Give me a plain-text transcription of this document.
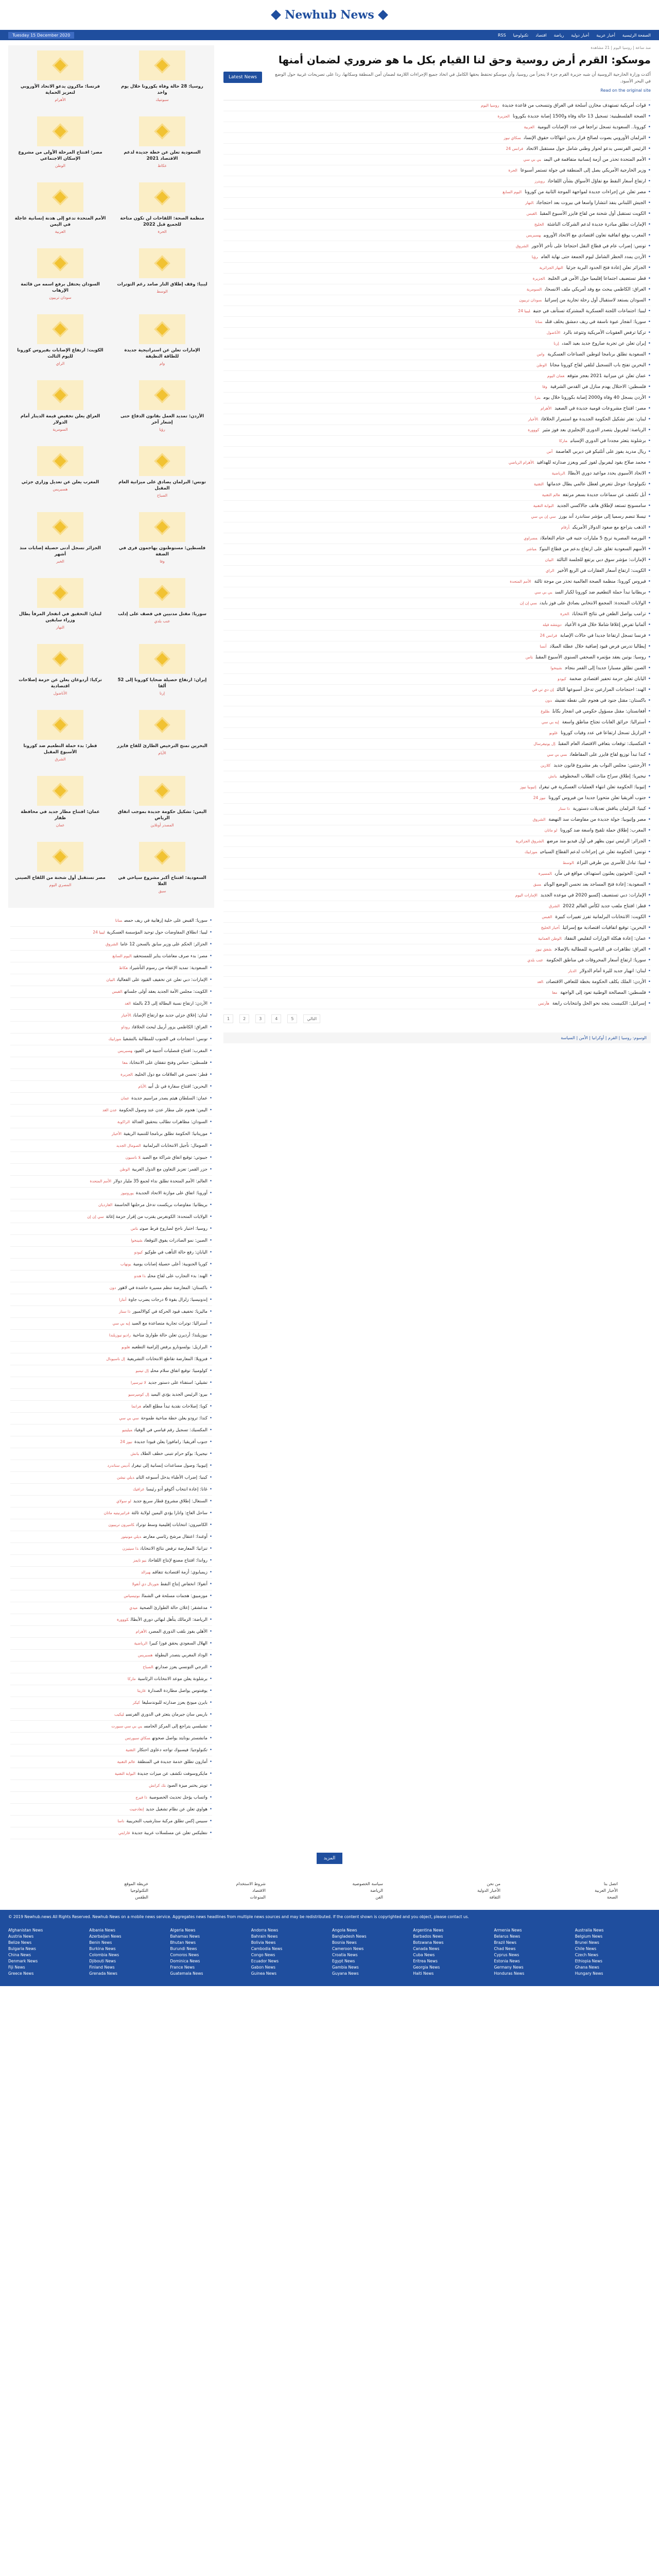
Newhub News
Tuesday 15 December 2020	الصفحة الرئيسية
أخبار عربية
أخبار دولية
رياضة
اقتصاد
تكنولوجيا
RSS
فرنسا: ماكرون يدعو الاتحاد الأوروبي لتعزيز الحماية
الأهرام
روسيا: 28 حالة وفاة بكورونا خلال يوم واحد
سبوتنيك
مصر: افتتاح المرحلة الأولى من مشروع الإسكان الاجتماعي
الوطن
السعودية تعلن عن خطة جديدة لدعم الاقتصاد 2021
عكاظ
الأمم المتحدة تدعو إلى هدنة إنسانية عاجلة في اليمن
العربية
منظمة الصحة: اللقاحات لن تكون متاحة للجميع قبل 2022
الحرة
السودان يحتفل برفع اسمه من قائمة الإرهاب
سودان تربيون
ليبيا: وقف إطلاق النار صامد رغم التوترات
الوسط
الكويت: ارتفاع الإصابات بفيروس كورونا لليوم الثالث
الراي
الإمارات تعلن عن استراتيجية جديدة للطاقة النظيفة
وام
العراق يعلن تخفيض قيمة الدينار أمام الدولار
السومرية
الأردن: تمديد العمل بقانون الدفاع حتى إشعار آخر
رؤيا
المغرب يعلن عن تعديل وزاري جزئي
هسبريس
تونس: البرلمان يصادق على ميزانية العام المقبل
الصباح
الجزائر تسجل أدنى حصيلة إصابات منذ أشهر
الخبر
فلسطين: مستوطنون يهاجمون قرى في الضفة
وفا
لبنان: التحقيق في انفجار المرفأ يطال وزراء سابقين
النهار
سوريا: مقتل مدنيين في قصف على إدلب
عنب بلدي
تركيا: أردوغان يعلن عن حزمة إصلاحات اقتصادية
الأناضول
إيران: ارتفاع حصيلة ضحايا كورونا إلى 52 ألفا
إرنا
قطر: بدء حملة التطعيم ضد كورونا الأسبوع المقبل
الشرق
البحرين تمنح الترخيص الطارئ للقاح فايزر
الأيام
عمان: افتتاح مطار جديد في محافظة ظفار
عمان
اليمن: تشكيل حكومة جديدة بموجب اتفاق الرياض
المصدر أونلاين
مصر تستقبل أول شحنة من اللقاح الصيني
المصري اليوم
السعودية: افتتاح أكبر مشروع سياحي في العلا
سبق
•سوريا: القبض على خلية إرهابية في ريف حمصسانا
•ليبيا: انطلاق المفاوضات حول توحيد المؤسسة العسكريةليبيا 24
•الجزائر: الحكم على وزير سابق بالسجن 12 عاماالشروق
•مصر: بدء صرف معاشات يناير للمستحقيناليوم السابع
•السعودية: تمديد الإعفاء من رسوم التأشيراتعكاظ
•الإمارات: دبي تعلن عن تخفيف القيود على الفعالياتالبيان
•الكويت: مجلس الأمة الجديد يعقد أولى جلساتهالقبس
•الأردن: ارتفاع نسبة البطالة إلى 23 بالمئةالغد
•لبنان: إغلاق جزئي جديد مع ارتفاع الإصاباتالأخبار
•العراق: الكاظمي يزور أربيل لبحث الخلافاتروداو
•تونس: احتجاجات في الجنوب للمطالبة بالتشغيلموزاييك
•المغرب: افتتاح قنصليات أجنبية في العيونهسبريس
•فلسطين: حماس وفتح تتفقان على الانتخاباتمعا
•قطر: تحسن في العلاقات مع دول الخليجالجزيرة
•البحرين: افتتاح سفارة في تل أبيبالأيام
•عمان: السلطان هيثم يصدر مراسيم جديدةعمان
•اليمن: هجوم على مطار عدن عند وصول الحكومةعدن الغد
•السودان: مظاهرات تطالب بتحقيق العدالةالراكوبة
•موريتانيا: الحكومة تطلق برنامجا للتنمية الريفيةالأخبار
•الصومال: تأجيل الانتخابات البرلمانيةالصومال الجديد
•جيبوتي: توقيع اتفاق شراكة مع الصينلا ناسيون
•جزر القمر: تعزيز التعاون مع الدول العربيةالوطن
•العالم: الأمم المتحدة تطلق نداء لجمع 35 مليار دولارالأمم المتحدة
•أوروبا: اتفاق على موازنة الاتحاد الجديدةيورونيوز
•بريطانيا: مفاوضات بريكست تدخل مرحلتها الحاسمةالغارديان
•الولايات المتحدة: الكونغرس يقترب من إقرار حزمة إغاثةسي إن إن
•روسيا: اختبار ناجح لصاروخ فرط صوتيتاس
•الصين: نمو الصادرات يفوق التوقعاتشينخوا
•اليابان: رفع حالة التأهب في طوكيوكيودو
•كوريا الجنوبية: أعلى حصيلة إصابات يوميةيونهاب
•الهند: بدء التجارب على لقاح محليذا هندو
•باكستان: المعارضة تنظم مسيرة حاشدة في لاهوردون
•إندونيسيا: زلزال بقوة 6 درجات يضرب جاوةأنتارا
•ماليزيا: تخفيف قيود الحركة في كوالالمبورذا ستار
•أستراليا: توترات تجارية متصاعدة مع الصينإيه بي سي
•نيوزيلندا: أرديرن تعلن حالة طوارئ مناخيةراديو نيوزيلندا
•البرازيل: بولسونارو يرفض إلزامية التطعيمغلوبو
•فنزويلا: المعارضة تقاطع الانتخابات التشريعيةإل ناسيونال
•كولومبيا: توقيع اتفاق سلام محليإل تيمبو
•تشيلي: استفتاء على دستور جديدلا تيرسيرا
•بيرو: الرئيس الجديد يؤدي اليمينإل كوميرسيو
•كوبا: إصلاحات نقدية تبدأ مطلع العامغرانما
•كندا: ترودو يعلن خطة مناخية طموحةسي بي سي
•المكسيك: تسجيل رقم قياسي في الوفياتميلينيو
•جنوب أفريقيا: رامافوزا يعلن قيودا جديدةنيوز 24
•نيجيريا: بوكو حرام تتبنى خطف الطلاببانش
•إثيوبيا: وصول مساعدات إنسانية إلى تيغرايأديس ستاندرد
•كينيا: إضراب الأطباء يدخل أسبوعه الثانيديلي نيشن
•غانا: إعادة انتخاب أكوفو أدو رئيساغرافيك
•السنغال: إطلاق مشروع قطار سريع جديدلو سولاي
•ساحل العاج: واتارا يؤدي اليمين لولاية ثالثةفراتيرنيتيه ماتان
•الكاميرون: انتخابات إقليمية وسط توتراتكاميرون تريبيون
•أوغندا: اعتقال مرشح رئاسي معارضديلي مونيتور
•تنزانيا: المعارضة ترفض نتائج الانتخاباتذا سيتيزن
•رواندا: افتتاح مصنع لإنتاج اللقاحاتنيو تايمز
•زيمبابوي: أزمة اقتصادية تتفاقمهيرالد
•أنغولا: انخفاض إنتاج النفطجورنال دي أنغولا
•موزمبيق: هجمات مسلحة في الشمالنوتيسياس
•مدغشقر: إعلان حالة الطوارئ الصحيةميدي
•الرياضة: الزمالك يتأهل لنهائي دوري الأبطالكووورة
•الأهلي يفوز بلقب الدوري المصريالأهرام
•الهلال السعودي يحقق فوزا كبيراالرياضية
•الوداد المغربي يتصدر البطولةهسبريس
•الترجي التونسي يعزز صدارتهالصباح
•برشلونة يعلن موعد الانتخابات الرئاسيةماركا
•يوفنتوس يواصل مطاردة الصدارةغازيتا
•بايرن ميونخ يعزز صدارته للبوندسليغاكيكر
•باريس سان جيرمان يتعثر في الدوري الفرنسيليكيب
•تشيلسي يتراجع إلى المركز الخامسبي بي سي سبورت
•مانشستر يونايتد يواصل صحوتهسكاي سبورتس
•تكنولوجيا: فيسبوك تواجه دعاوى احتكارالتقنية
•أمازون تطلق خدمة جديدة في المنطقةعالم التقنية
•مايكروسوفت تكشف عن ميزات جديدةالبوابة التقنية
•تويتر يختبر ميزة الصوتتك كرانش
•واتساب يؤجل تحديث الخصوصيةذا فيرج
•هواوي تعلن عن نظام تشغيل جديدإنغادجيت
•سبيس إكس تطلق مركبة ستارشيب التجريبيةناسا
•نتفليكس تعلن عن مسلسلات عربية جديدةفارايتي
منذ ساعة | روسيا اليوم | 21 مشاهدة
موسكو: القرم أرض روسية وحق لنا القيام بكل ما هو ضروري لضمان أمنها
Latest News	أكدت وزارة الخارجية الروسية أن شبه جزيرة القرم جزء لا يتجزأ من روسيا، وأن موسكو تحتفظ بحقها الكامل في اتخاذ جميع الإجراءات اللازمة لضمان أمن المنطقة وسكانها، ردا على تصريحات غربية حول الوضع في البحر الأسود.

Read on the original site
•قوات أمريكية تستهدف مخازن أسلحة في العراق وتنسحب من قاعدة جديدةروسيا اليوم
•الصحة الفلسطينية: تسجيل 13 حالة وفاة و1500 إصابة جديدة بكوروناالجزيرة
•كورونا.. السعودية تسجل تراجعا في عدد الإصابات اليوميةالعربية
•البرلمان الأوروبي يصوت لصالح قرار يدين انتهاكات حقوق الإنسانسكاي نيوز
•الرئيس الفرنسي يدعو لحوار وطني شامل حول مستقبل الاتحادفرانس 24
•الأمم المتحدة تحذر من أزمة إنسانية متفاقمة في اليمنبي بي سي
•وزير الخارجية الأمريكي يصل إلى المنطقة في جولة تستمر أسبوعاالحرة
•ارتفاع أسعار النفط مع تفاؤل الأسواق بشأن اللقاحاترويترز
•مصر تعلن عن إجراءات جديدة لمواجهة الموجة الثانية من كورونااليوم السابع
•الجيش اللبناني ينفذ انتشارا واسعا في بيروت بعد احتجاجاتالنهار
•الكويت تستقبل أول شحنة من لقاح فايزر الأسبوع المقبلالقبس
•الإمارات تطلق مبادرة جديدة لدعم الشركات الناشئةالخليج
•المغرب يوقع اتفاقية تعاون اقتصادي مع الاتحاد الأوروبيهسبريس
•تونس: إضراب عام في قطاع النقل احتجاجا على تأخر الأجورالشروق
•الأردن يمدد الحظر الشامل ليوم الجمعة حتى نهاية العامرؤيا
•الجزائر تعلن إعادة فتح الحدود البرية جزئياالنهار الجزائرية
•قطر تستضيف اجتماعا إقليميا حول الأمن في الخليجالجزيرة
•العراق: الكاظمي يبحث مع وفد أمريكي ملف الانسحابالسومرية
•السودان يستعد لاستقبال أول رحلة تجارية من إسرائيلسودان تربيون
•ليبيا: اجتماعات اللجنة العسكرية المشتركة تستأنف في جنيفليبيا 24
•سوريا: انفجار عبوة ناسفة في ريف دمشق يخلف قتلىسانا
•تركيا ترفض العقوبات الأمريكية وتتوعد بالردالأناضول
•إيران تعلن عن تجربة صاروخ جديد بعيد المدىإرنا
•السعودية تطلق برنامجا لتوطين الصناعات العسكريةواس
•البحرين تفتح باب التسجيل لتلقي لقاح كورونا مجاناالوطن
•عمان تعلن عن ميزانية 2021 بعجز متوقععمان اليوم
•فلسطين: الاحتلال يهدم منازل في القدس الشرقيةوفا
•الأردن يسجل 40 وفاة و2000 إصابة بكورونا خلال يومبترا
•مصر: افتتاح مشروعات قومية جديدة في الصعيدالأهرام
•لبنان: تعثر تشكيل الحكومة الجديدة مع استمرار الخلافاتالأخبار
•الرياضة: ليفربول يتصدر الدوري الإنجليزي بعد فوز مثيركووورة
•برشلونة يتعثر مجددا في الدوري الإسبانيماركا
•ريال مدريد يفوز على أتلتيكو في ديربي العاصمةآس
•محمد صلاح يقود ليفربول لفوز كبير ويعزز صدارته للهدافينالأهرام الرياضي
•الاتحاد الآسيوي يحدد مواعيد دوري الأبطالالرياضية
•تكنولوجيا: جوجل تتعرض لعطل عالمي يطال خدماتهاالتقنية
•أبل تكشف عن سماعات جديدة بسعر مرتفععالم التقنية
•سامسونج تستعد لإطلاق هاتف جالاكسي الجديدالبوابة التقنية
•تيسلا تنضم رسميا إلى مؤشر ستاندرد آند بورزسي إن بي سي
•الذهب يتراجع مع صعود الدولار الأمريكيأرقام
•البورصة المصرية تربح 5 مليارات جنيه في ختام التعاملاتمصراوي
•الأسهم السعودية تغلق على ارتفاع بدعم من قطاع البنوكمباشر
•الإمارات: مؤشر سوق دبي يرتفع للجلسة الثالثةالبيان
•الكويت: ارتفاع أسعار العقارات في الربع الأخيرالراي
•فيروس كورونا: منظمة الصحة العالمية تحذر من موجة ثالثةالأمم المتحدة
•بريطانيا تبدأ حملة التطعيم ضد كورونا لكبار السنبي بي سي
•الولايات المتحدة: المجمع الانتخابي يصادق على فوز بايدنسي إن إن
•ترامب يواصل الطعن في نتائج الانتخاباتالحرة
•ألمانيا تفرض إغلاقا شاملا خلال فترة الأعياددويتشه فيله
•فرنسا تسجل ارتفاعا جديدا في حالات الإصابةفرانس 24
•إيطاليا تدرس فرض قيود إضافية خلال عطلة الميلادأنسا
•روسيا: بوتين يعقد مؤتمره الصحفي السنوي الأسبوع المقبلتاس
•الصين تطلق مسبارا جديدا إلى القمر بنجاحشينخوا
•اليابان تعلن حزمة تحفيز اقتصادي ضخمةكيودو
•الهند: احتجاجات المزارعين تدخل أسبوعها الثالثإن دي تي في
•باكستان: مقتل جنود في هجوم على نقطة تفتيشدون
•أفغانستان: مقتل مسؤول حكومي في انفجار بكابلطلوع
•أستراليا: حرائق الغابات تجتاح مناطق واسعةإيه بي سي
•البرازيل تسجل ارتفاعا في عدد وفيات كوروناغلوبو
•المكسيك: توقعات بتعافي الاقتصاد العام المقبلإل يونيفرسال
•كندا تبدأ توزيع لقاح فايزر على المقاطعاتسي بي سي
•الأرجنتين: مجلس النواب يقر مشروع قانون جديدكلارين
•نيجيريا: إطلاق سراح مئات الطلاب المخطوفينبانش
•إثيوبيا: الحكومة تعلن انتهاء العمليات العسكرية في تيغرايإثيوبيا نيوز
•جنوب أفريقيا تعلن متحورا جديدا من فيروس كورونانيوز 24
•كينيا: البرلمان يناقش تعديلات دستوريةذا ستار
•مصر وإثيوبيا: جولة جديدة من مفاوضات سد النهضةالشروق
•المغرب: إطلاق حملة تلقيح واسعة ضد كورونالو ماتان
•الجزائر: الرئيس تبون يظهر في أول فيديو منذ مرضهالشروق الجزائرية
•تونس: الحكومة تعلن عن إجراءات لدعم القطاع السياحيموزاييك
•ليبيا: تبادل للأسرى بين طرفي النزاعالوسط
•اليمن: الحوثيون يعلنون استهداف مواقع في مأربالمسيرة
•السعودية: إعادة فتح المساجد بعد تحسن الوضع الوبائيسبق
•الإمارات: دبي تستضيف إكسبو 2020 في موعده الجديدالإمارات اليوم
•قطر: افتتاح ملعب جديد لكأس العالم 2022الشرق
•الكويت: الانتخابات البرلمانية تفرز تغييرات كبيرةالقبس
•البحرين: توقيع اتفاقيات اقتصادية مع إسرائيلأخبار الخليج
•عمان: إعادة هيكلة الوزارات لتقليص النفقاتالوطن العمانية
•العراق: تظاهرات في الناصرية للمطالبة بالإصلاحشفق نيوز
•سوريا: ارتفاع أسعار المحروقات في مناطق الحكومةعنب بلدي
•لبنان: انهيار جديد لليرة أمام الدولارالديار
•الأردن: الملك يكلف الحكومة بخطة للتعافي الاقتصاديالغد
•فلسطين: المصالحة الوطنية تعود إلى الواجهةمعا
•إسرائيل: الكنيست يتجه نحو الحل وانتخابات رابعةهآرتس
1	2	3	4	5	التالي
الوسوم: روسيا | القرم | أوكرانيا | الأمن | السياسة
المزيد
اتصل بنا
من نحن
سياسة الخصوصية
شروط الاستخدام
خريطة الموقع
الأخبار العربية
الأخبار الدولية
الرياضة
الاقتصاد
التكنولوجيا
الصحة
الثقافة
الفن
المنوعات
الطقس
© 2019 Newhub.news All Rights Reserved. Newhub News on a mobile news service. Aggregates news headlines from multiple news sources and may be redistributed. If the content shown is copyrighted and you object, please contact us.
Afghanistan News	Albania News	Algeria News	Andorra News	Angola News	Argentina News	Armenia News	Australia News
Austria News	Azerbaijan News	Bahamas News	Bahrain News	Bangladesh News	Barbados News	Belarus News	Belgium News
Belize News	Benin News	Bhutan News	Bolivia News	Bosnia News	Botswana News	Brazil News	Brunei News
Bulgaria News	Burkina News	Burundi News	Cambodia News	Cameroon News	Canada News	Chad News	Chile News
China News	Colombia News	Comoros News	Congo News	Croatia News	Cuba News	Cyprus News	Czech News
Denmark News	Djibouti News	Dominica News	Ecuador News	Egypt News	Eritrea News	Estonia News	Ethiopia News
Fiji News	Finland News	France News	Gabon News	Gambia News	Georgia News	Germany News	Ghana News
Greece News	Grenada News	Guatemala News	Guinea News	Guyana News	Haiti News	Honduras News	Hungary News
